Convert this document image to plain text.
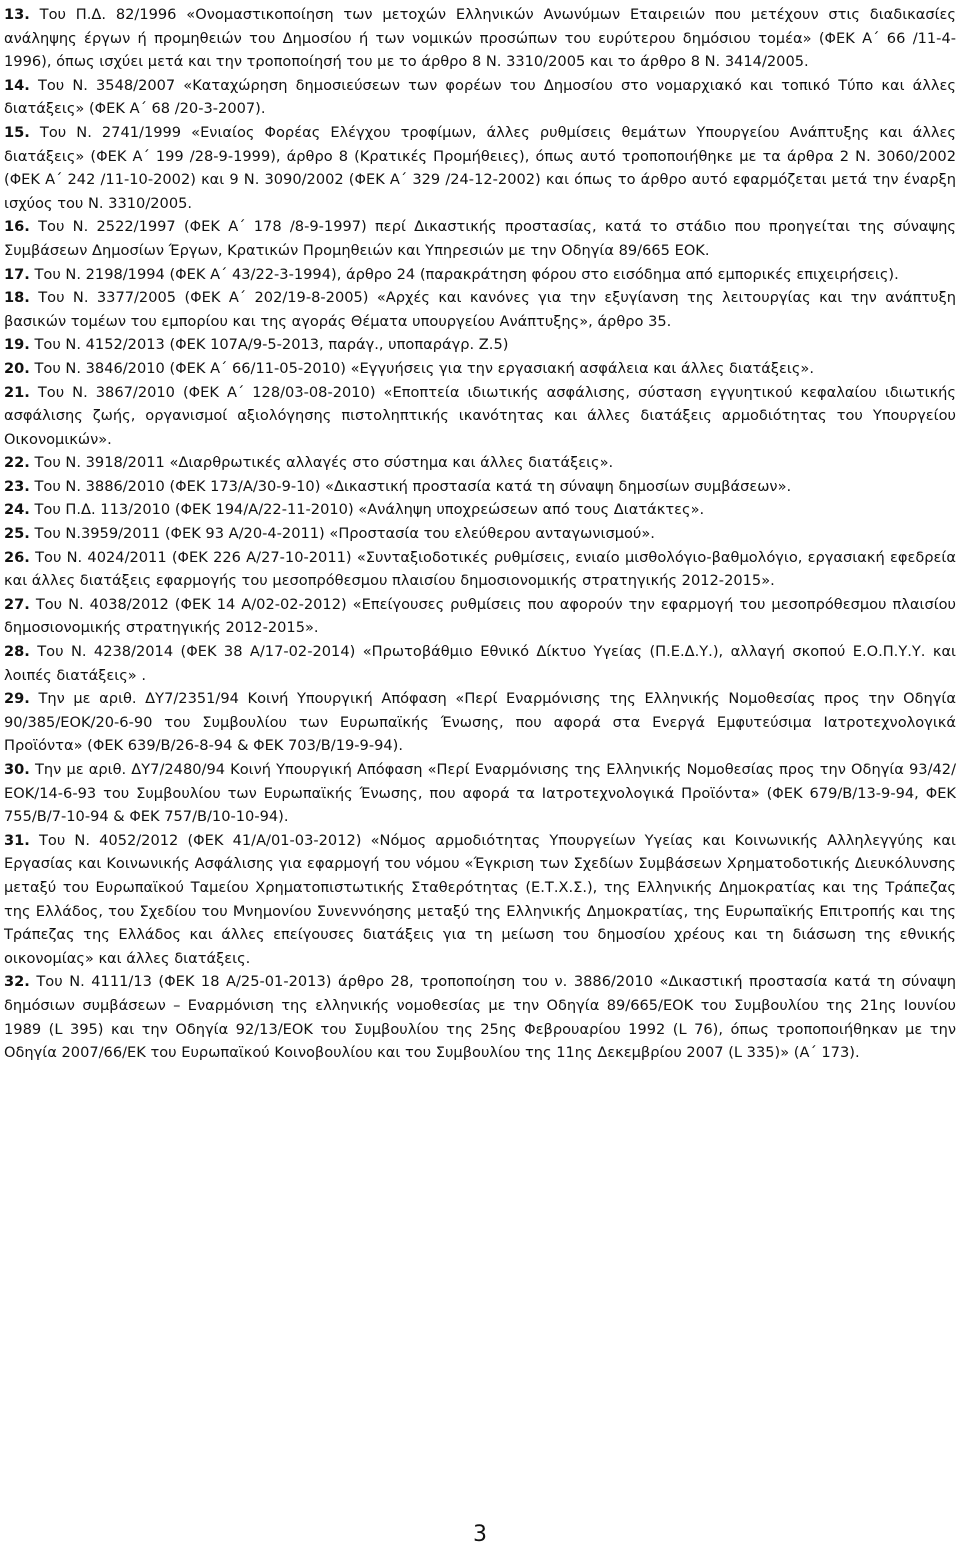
13. Του Π.Δ. 82/1996 «Ονομαστικοποίηση των μετοχών Ελληνικών Ανωνύμων Εταιρειών που μετέχουν στις διαδικασίες ανάληψης έργων ή προμηθειών του Δημοσίου ή των νομικών προσώπων του ευρύτερου δημόσιου τομέα» (ΦΕΚ Α΄ 66 /11-4-1996), όπως ισχύει μετά και την τροποποίησή του με το άρθρο 8 Ν. 3310/2005 και το άρθρο 8 Ν. 3414/2005.

14. Του Ν. 3548/2007 «Καταχώρηση δημοσιεύσεων των φορέων του Δημοσίου στο νομαρχιακό και τοπικό Τύπο και άλλες διατάξεις» (ΦΕΚ Α΄ 68 /20-3-2007).

15. Του Ν. 2741/1999 «Ενιαίος Φορέας Ελέγχου τροφίμων, άλλες ρυθμίσεις θεμάτων Υπουργείου Ανάπτυξης και άλλες διατάξεις» (ΦΕΚ Α΄ 199 /28-9-1999), άρθρο 8 (Κρατικές Προμήθειες), όπως αυτό τροποποιήθηκε με τα άρθρα 2 Ν. 3060/2002 (ΦΕΚ Α΄ 242 /11-10-2002) και 9 Ν. 3090/2002 (ΦΕΚ Α΄ 329 /24-12-2002) και όπως το άρθρο αυτό εφαρμόζεται μετά την έναρξη ισχύος του Ν. 3310/2005.

16. Του Ν. 2522/1997 (ΦΕΚ Α΄ 178 /8-9-1997) περί Δικαστικής προστασίας, κατά το στάδιο που προηγείται της σύναψης Συμβάσεων Δημοσίων Έργων, Κρατικών Προμηθειών και Υπηρεσιών με την Οδηγία 89/665 ΕΟΚ.

17. Του Ν. 2198/1994 (ΦΕΚ Α΄ 43/22-3-1994), άρθρο 24 (παρακράτηση φόρου στο εισόδημα από εμπορικές επιχειρήσεις).

18. Του Ν. 3377/2005 (ΦΕΚ Α΄ 202/19-8-2005) «Αρχές και κανόνες για την εξυγίανση της λειτουργίας και την ανάπτυξη βασικών τομέων του εμπορίου και της αγοράς Θέματα υπουργείου Ανάπτυξης», άρθρο 35.

19. Του Ν. 4152/2013 (ΦΕΚ 107Α/9-5-2013, παράγ., υποπαράγρ. Ζ.5)

20. Του Ν. 3846/2010 (ΦΕΚ Α΄ 66/11-05-2010) «Εγγυήσεις για την εργασιακή ασφάλεια και άλλες διατάξεις».

21. Του Ν. 3867/2010 (ΦΕΚ Α΄ 128/03-08-2010) «Εποπτεία ιδιωτικής ασφάλισης, σύσταση εγγυητικού κεφαλαίου ιδιωτικής ασφάλισης ζωής, οργανισμοί αξιολόγησης πιστοληπτικής ικανότητας και άλλες διατάξεις αρμοδιότητας του Υπουργείου Οικονομικών».

22. Του Ν. 3918/2011 «Διαρθρωτικές αλλαγές στο σύστημα και άλλες διατάξεις».

23. Του Ν. 3886/2010 (ΦΕΚ 173/Α/30-9-10) «Δικαστική προστασία κατά τη σύναψη δημοσίων συμβάσεων».

24. Του Π.Δ. 113/2010 (ΦΕΚ 194/Α/22-11-2010) «Ανάληψη υποχρεώσεων από τους Διατάκτες».

25. Του Ν.3959/2011 (ΦΕΚ 93 Α/20-4-2011) «Προστασία του ελεύθερου ανταγωνισμού».

26. Του Ν. 4024/2011 (ΦΕΚ 226 Α/27-10-2011) «Συνταξιοδοτικές ρυθμίσεις, ενιαίο μισθολόγιο-βαθμολόγιο, εργασιακή εφεδρεία και άλλες διατάξεις εφαρμογής του μεσοπρόθεσμου πλαισίου δημοσιονομικής στρατηγικής 2012-2015».

27. Του Ν. 4038/2012 (ΦΕΚ 14 Α/02-02-2012) «Επείγουσες ρυθμίσεις που αφορούν την εφαρμογή του μεσοπρόθεσμου πλαισίου δημοσιονομικής στρατηγικής 2012-2015».

28. Του Ν. 4238/2014 (ΦΕΚ 38 Α/17-02-2014) «Πρωτοβάθμιο Εθνικό Δίκτυο Υγείας (Π.Ε.Δ.Υ.), αλλαγή σκοπού Ε.Ο.Π.Υ.Υ. και λοιπές διατάξεις» .

29. Την με αριθ. ΔΥ7/2351/94 Κοινή Υπουργική Απόφαση «Περί Εναρμόνισης της Ελληνικής Νομοθεσίας προς την Οδηγία 90/385/ΕΟΚ/20-6-90 του Συμβουλίου των Ευρωπαϊκής Ένωσης, που αφορά στα Ενεργά Εμφυτεύσιμα Ιατροτεχνολογικά Προϊόντα» (ΦΕΚ 639/Β/26-8-94 & ΦΕΚ 703/Β/19-9-94).

30. Την με αριθ. ΔΥ7/2480/94 Κοινή Υπουργική Απόφαση «Περί Εναρμόνισης της Ελληνικής Νομοθεσίας προς την Οδηγία 93/42/ΕΟΚ/14-6-93 του Συμβουλίου των Ευρωπαϊκής Ένωσης, που αφορά τα Ιατροτεχνολογικά Προϊόντα» (ΦΕΚ 679/Β/13-9-94, ΦΕΚ 755/Β/7-10-94 & ΦΕΚ 757/Β/10-10-94).

31. Του Ν. 4052/2012 (ΦΕΚ 41/Α/01-03-2012) «Νόμος αρμοδιότητας Υπουργείων Υγείας και Κοινωνικής Αλληλεγγύης και Εργασίας και Κοινωνικής Ασφάλισης για εφαρμογή του νόμου «Έγκριση των Σχεδίων Συμβάσεων Χρηματοδοτικής Διευκόλυνσης μεταξύ του Ευρωπαϊκού Ταμείου Χρηματοπιστωτικής Σταθερότητας (Ε.Τ.Χ.Σ.), της Ελληνικής Δημοκρατίας και της Τράπεζας της Ελλάδος, του Σχεδίου του Μνημονίου Συνεννόησης μεταξύ της Ελληνικής Δημοκρατίας, της Ευρωπαϊκής Επιτροπής και της Τράπεζας της Ελλάδος και άλλες επείγουσες διατάξεις για τη μείωση του δημοσίου χρέους και τη διάσωση της εθνικής οικονομίας» και άλλες διατάξεις.

32. Του Ν. 4111/13 (ΦΕΚ 18 Α/25-01-2013) άρθρο 28, τροποποίηση του ν. 3886/2010 «Δικαστική προστασία κατά τη σύναψη δημόσιων συμβάσεων – Εναρμόνιση της ελληνικής νομοθεσίας με την Οδηγία 89/665/ΕΟΚ του Συμβουλίου της 21ης Ιουνίου 1989 (L 395) και την Οδηγία 92/13/ΕΟΚ του Συμβουλίου της 25ης Φεβρουαρίου 1992 (L 76), όπως τροποποιήθηκαν με την Οδηγία 2007/66/ΕΚ του Ευρωπαϊκού Κοινοβουλίου και του Συμβουλίου της 11ης Δεκεμβρίου 2007 (L 335)» (Α΄ 173).

3
